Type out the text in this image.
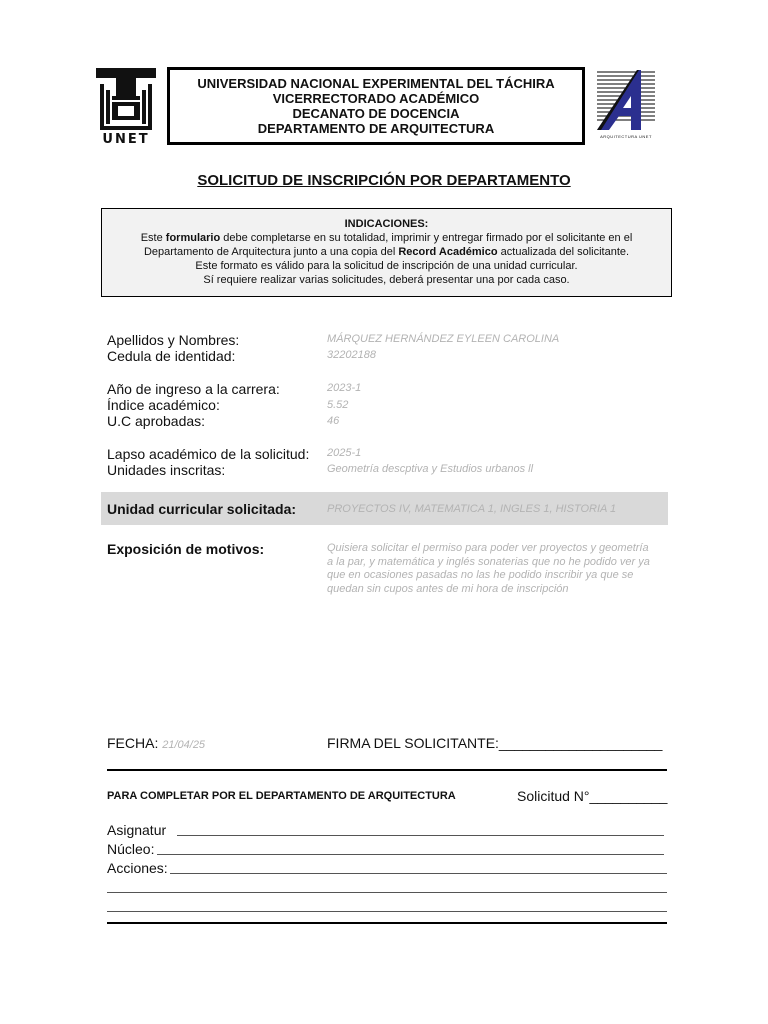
UNET
UNIVERSIDAD NACIONAL EXPERIMENTAL DEL TÁCHIRA
VICERRECTORADO ACADÉMICO
DECANATO DE DOCENCIA
DEPARTAMENTO DE ARQUITECTURA
ARQUITECTURA UNET
SOLICITUD DE INSCRIPCIÓN POR DEPARTAMENTO
INDICACIONES:
Este formulario debe completarse en su totalidad, imprimir y entregar firmado por el solicitante en el
Departamento de Arquitectura junto a una copia del Record Académico actualizada del solicitante.
Este formato es válido para la solicitud de inscripción de una unidad curricular.
Sí requiere realizar varias solicitudes, deberá presentar una por cada caso.
Apellidos y Nombres:	MÁRQUEZ HERNÁNDEZ EYLEEN CAROLINA
Cedula de identidad:	32202188
Año de ingreso a la carrera:	2023-1
Índice académico:	5.52
U.C aprobadas:	46
Lapso académico de la solicitud: 2025-1
Unidades inscritas:	Geometría descptiva y Estudios urbanos ll
Unidad curricular solicitada:	PROYECTOS IV, MATEMATICA 1, INGLES 1, HISTORIA 1
Exposición de motivos:	Quisiera solicitar el permiso para poder ver proyectos y geometría
a la par, y matemática y inglés sonaterias que no he podido ver ya
que en ocasiones pasadas no las he podido inscribir ya que se
quedan sin cupos antes de mi hora de inscripción
FECHA: 21/04/25	FIRMA DEL SOLICITANTE:_____________________
PARA COMPLETAR POR EL DEPARTAMENTO DE ARQUITECTURA	Solicitud N°__________
Asignatur
Núcleo:
Acciones:
